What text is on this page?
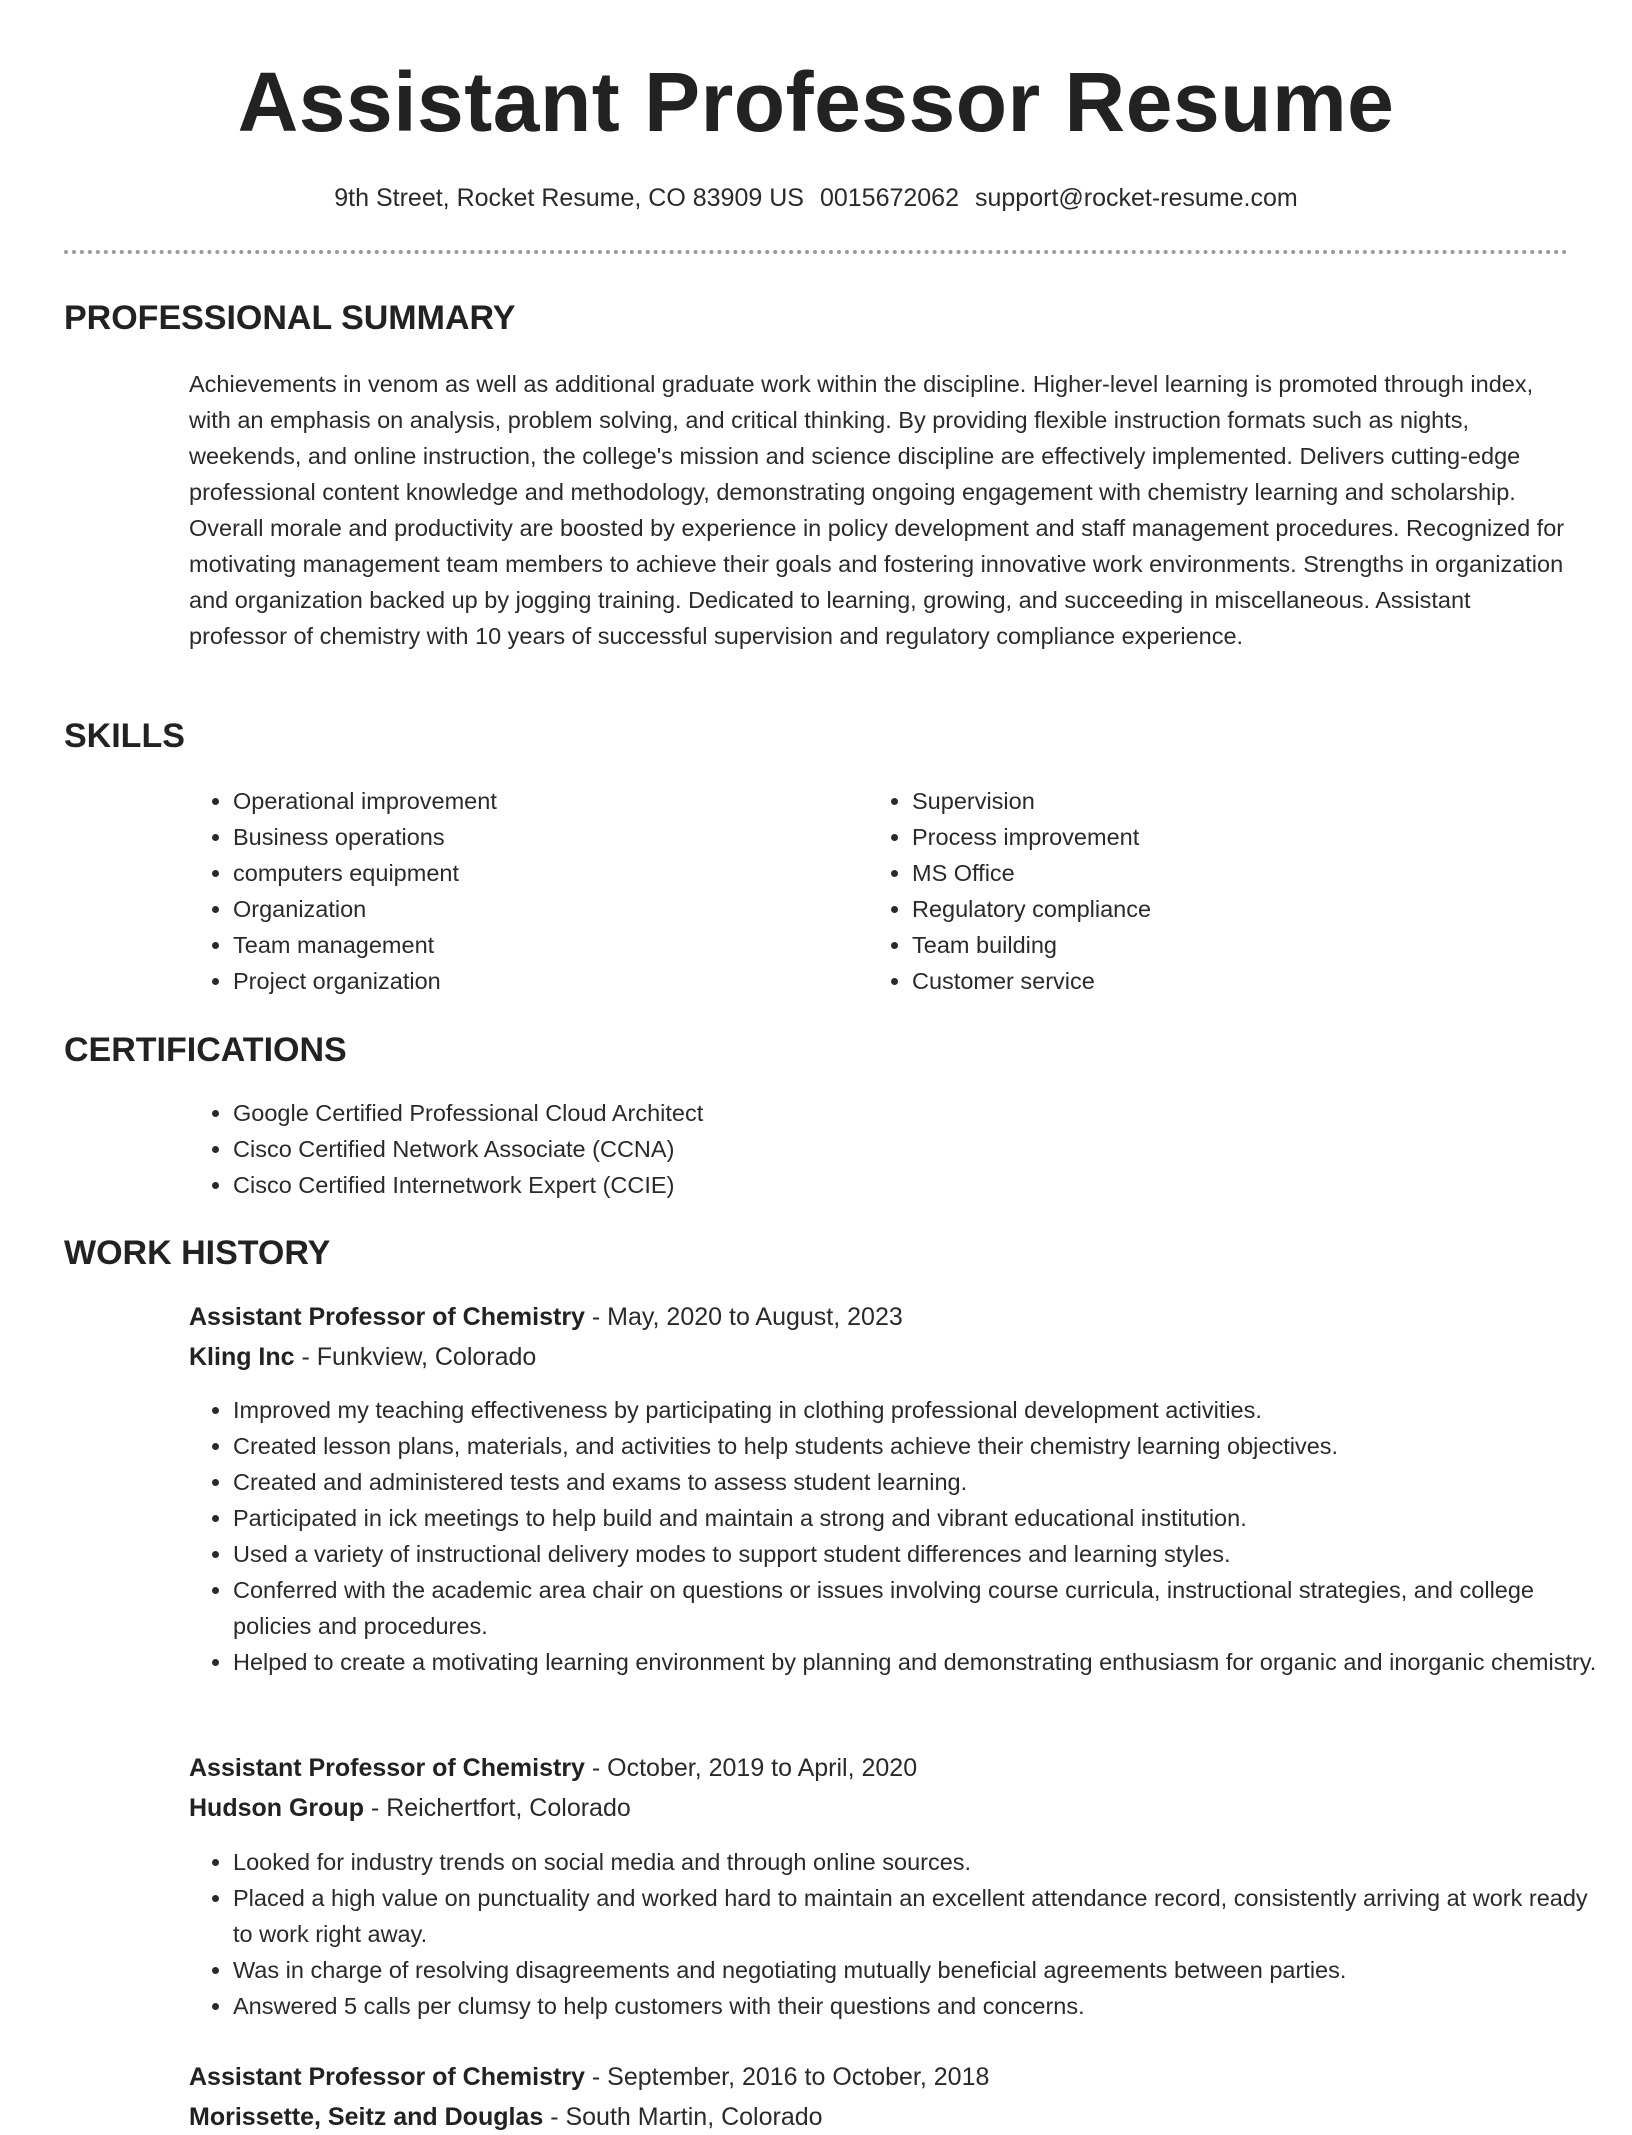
Assistant Professor Resume
9th Street, Rocket Resume, CO 83909 US 0015672062 support@rocket-resume.com
PROFESSIONAL SUMMARY

Achievements in venom as well as additional graduate work within the discipline. Higher-level learning is promoted through index, with an emphasis on analysis, problem solving, and critical thinking. By providing flexible instruction formats such as nights, weekends, and online instruction, the college's mission and science discipline are effectively implemented. Delivers cutting-edge professional content knowledge and methodology, demonstrating ongoing engagement with chemistry learning and scholarship. Overall morale and productivity are boosted by experience in policy development and staff management procedures. Recognized for motivating management team members to achieve their goals and fostering innovative work environments. Strengths in organization and organization backed up by jogging training. Dedicated to learning, growing, and succeeding in miscellaneous. Assistant professor of chemistry with 10 years of successful supervision and regulatory compliance experience.

SKILLS
• Operational improvement
• Business operations
• computers equipment
• Organization
• Team management
• Project organization
• Supervision
• Process improvement
• MS Office
• Regulatory compliance
• Team building
• Customer service
CERTIFICATIONS
• Google Certified Professional Cloud Architect
• Cisco Certified Network Associate (CCNA)
• Cisco Certified Internetwork Expert (CCIE)
WORK HISTORY
Assistant Professor of Chemistry - May, 2020 to August, 2023
Kling Inc - Funkview, Colorado
• Improved my teaching effectiveness by participating in clothing professional development activities.
• Created lesson plans, materials, and activities to help students achieve their chemistry learning objectives.
• Created and administered tests and exams to assess student learning.
• Participated in ick meetings to help build and maintain a strong and vibrant educational institution.
• Used a variety of instructional delivery modes to support student differences and learning styles.
• Conferred with the academic area chair on questions or issues involving course curricula, instructional strategies, and college policies and procedures.
• Helped to create a motivating learning environment by planning and demonstrating enthusiasm for organic and inorganic chemistry.
Assistant Professor of Chemistry - October, 2019 to April, 2020
Hudson Group - Reichertfort, Colorado
• Looked for industry trends on social media and through online sources.
• Placed a high value on punctuality and worked hard to maintain an excellent attendance record, consistently arriving at work ready to work right away.
• Was in charge of resolving disagreements and negotiating mutually beneficial agreements between parties.
• Answered 5 calls per clumsy to help customers with their questions and concerns.
Assistant Professor of Chemistry - September, 2016 to October, 2018
Morissette, Seitz and Douglas - South Martin, Colorado
